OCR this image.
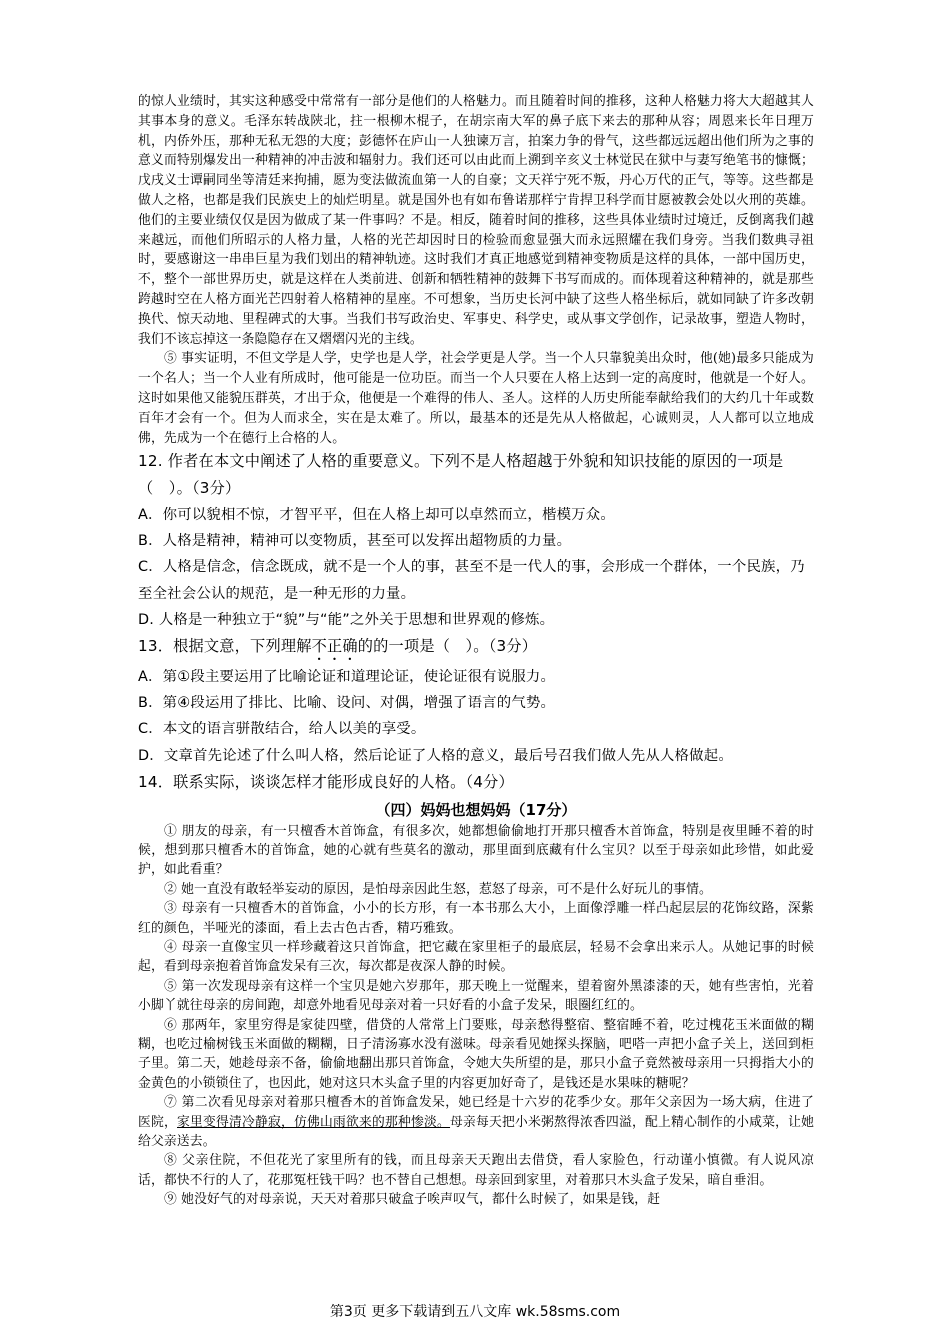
的惊人业绩时，其实这种感受中常常有一部分是他们的人格魅力。而且随着时间的推移，这种人格魅力将大大超越其人其事本身的意义。毛泽东转战陕北，拄一根柳木棍子，在胡宗南大军的鼻子底下来去的那种从容；周恩来长年日理万机，内侨外压，那种无私无怨的大度；彭德怀在庐山一人独谏万言，拍案力争的骨气，这些都远远超出他们所为之事的意义而特别爆发出一种精神的冲击波和辐射力。我们还可以由此而上溯到辛亥义士林觉民在狱中与妻写绝笔书的慷慨；戊戌义士谭嗣同坐等清廷来拘捕，愿为变法做流血第一人的自豪；文天祥宁死不叛，丹心万代的正气，等等。这些都是做人之格，也都是我们民族史上的灿烂明星。就是国外也有如布鲁诺那样宁肯捍卫科学而甘愿被教会处以火刑的英雄。他们的主要业绩仅仅是因为做成了某一件事吗？不是。相反，随着时间的推移，这些具体业绩时过境迁，反倒离我们越来越远，而他们所昭示的人格力量，人格的光芒却因时日的检验而愈显强大而永远照耀在我们身旁。当我们数典寻祖时，要感谢这一串串巨星为我们划出的精神轨迹。这时我们才真正地感觉到精神变物质是这样的具体，一部中国历史，不，整个一部世界历史，就是这样在人类前进、创新和牺牲精神的鼓舞下书写而成的。而体现着这种精神的，就是那些跨越时空在人格方面光芒四射着人格精神的星座。不可想象，当历史长河中缺了这些人格坐标后，就如同缺了许多改朝换代、惊天动地、里程碑式的大事。当我们书写政治史、军事史、科学史，或从事文学创作，记录故事，塑造人物时，我们不该忘掉这一条隐隐存在又熠熠闪光的主线。

⑤ 事实证明，不但文学是人学，史学也是人学，社会学更是人学。当一个人只靠貌美出众时，他(她)最多只能成为一个名人；当一个人业有所成时，他可能是一位功臣。而当一个人只要在人格上达到一定的高度时，他就是一个好人。这时如果他又能貌压群英，才出于众，他便是一个难得的伟人、圣人。这样的人历史所能奉献给我们的大约几十年或数百年才会有一个。但为人而求全，实在是太难了。所以，最基本的还是先从人格做起，心诚则灵，人人都可以立地成佛，先成为一个在德行上合格的人。

12. 作者在本文中阐述了人格的重要意义。下列不是人格超越于外貌和知识技能的原因的一项是（　）。（3分）

A．你可以貌相不惊，才智平平，但在人格上却可以卓然而立，楷模万众。

B．人格是精神，精神可以变物质，甚至可以发挥出超物质的力量。

C．人格是信念，信念既成，就不是一个人的事，甚至不是一代人的事，会形成一个群体，一个民族，乃至全社会公认的规范，是一种无形的力量。

D. 人格是一种独立于“貌”与“能”之外关于思想和世界观的修炼。

13．根据文意，下列理解不正确的的一项是（　）。（3分）

A．第①段主要运用了比喻论证和道理论证，使论证很有说服力。

B．第④段运用了排比、比喻、设问、对偶，增强了语言的气势。

C．本文的语言骈散结合，给人以美的享受。

D．文章首先论述了什么叫人格，然后论证了人格的意义，最后号召我们做人先从人格做起。

14．联系实际，谈谈怎样才能形成良好的人格。（4分）

（四）妈妈也想妈妈（17分）

① 朋友的母亲，有一只檀香木首饰盒，有很多次，她都想偷偷地打开那只檀香木首饰盒，特别是夜里睡不着的时候，想到那只檀香木的首饰盒，她的心就有些莫名的激动，那里面到底藏有什么宝贝？以至于母亲如此珍惜，如此爱护，如此看重？

② 她一直没有敢轻举妄动的原因，是怕母亲因此生怒，惹怒了母亲，可不是什么好玩儿的事情。

③ 母亲有一只檀香木的首饰盒，小小的长方形，有一本书那么大小，上面像浮雕一样凸起层层的花饰纹路，深紫红的颜色，半哑光的漆面，看上去古色古香，精巧雅致。

④ 母亲一直像宝贝一样珍藏着这只首饰盒，把它藏在家里柜子的最底层，轻易不会拿出来示人。从她记事的时候起，看到母亲抱着首饰盒发呆有三次，每次都是夜深人静的时候。

⑤ 第一次发现母亲有这样一个宝贝是她六岁那年，那天晚上一觉醒来，望着窗外黑漆漆的天，她有些害怕，光着小脚丫就往母亲的房间跑，却意外地看见母亲对着一只好看的小盒子发呆，眼圈红红的。

⑥ 那两年，家里穷得是家徒四壁，借贷的人常常上门要账，母亲愁得整宿、整宿睡不着，吃过槐花玉米面做的糊糊，也吃过榆树钱玉米面做的糊糊，日子清汤寡水没有滋味。母亲看见她探头探脑，吧嗒一声把小盒子关上，送回到柜子里。第二天，她趁母亲不备，偷偷地翻出那只首饰盒，令她大失所望的是，那只小盒子竟然被母亲用一只拇指大小的金黄色的小锁锁住了，也因此，她对这只木头盒子里的内容更加好奇了，是钱还是水果味的糖呢？

⑦ 第二次看见母亲对着那只檀香木的首饰盒发呆，她已经是十六岁的花季少女。那年父亲因为一场大病，住进了医院，家里变得清冷静寂，仿佛山雨欲来的那种惨淡。母亲每天把小米粥熬得浓香四溢，配上精心制作的小咸菜，让她给父亲送去。

⑧ 父亲住院，不但花光了家里所有的钱，而且母亲天天跑出去借贷，看人家脸色，行动谨小慎微。有人说风凉话，都快不行的人了，花那冤枉钱干吗？也不替自己想想。母亲回到家里，对着那只木头盒子发呆，暗自垂泪。

⑨ 她没好气的对母亲说，天天对着那只破盒子唉声叹气，都什么时候了，如果是钱，赶

第3页 更多下载请到五八文库 wk.58sms.com
